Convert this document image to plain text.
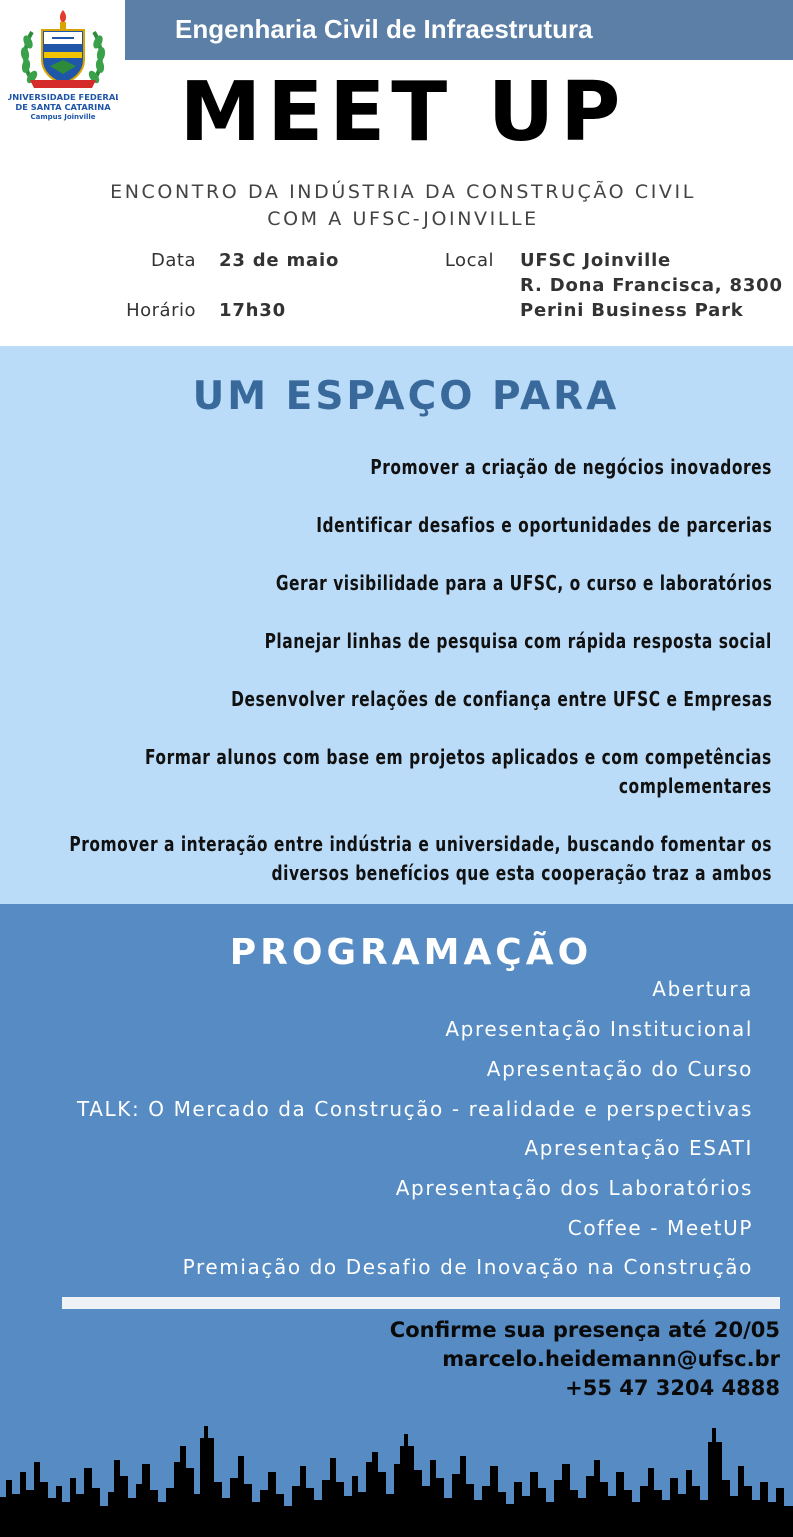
UNIVERSIDADE FEDERAL
DE SANTA CATARINA
Campus Joinville
Engenharia Civil de Infraestrutura
MEET UP
ENCONTRO DA INDÚSTRIA DA CONSTRUÇÃO CIVIL
COM A UFSC-JOINVILLE
Data 23 de maio
Horário 17h30
Local UFSC Joinville
R. Dona Francisca, 8300
Perini Business Park
UM ESPAÇO PARA
Promover a criação de negócios inovadores
Identificar desafios e oportunidades de parcerias
Gerar visibilidade para a UFSC, o curso e laboratórios
Planejar linhas de pesquisa com rápida resposta social
Desenvolver relações de confiança entre UFSC e Empresas
Formar alunos com base em projetos aplicados e com competências
complementares
Promover a interação entre indústria e universidade, buscando fomentar os
diversos benefícios que esta cooperação traz a ambos
PROGRAMAÇÃO
Abertura
Apresentação Institucional
Apresentação do Curso
TALK: O Mercado da Construção - realidade e perspectivas
Apresentação ESATI
Apresentação dos Laboratórios
Coffee - MeetUP
Premiação do Desafio de Inovação na Construção
Confirme sua presença até 20/05
marcelo.heidemann@ufsc.br
+55 47 3204 4888
